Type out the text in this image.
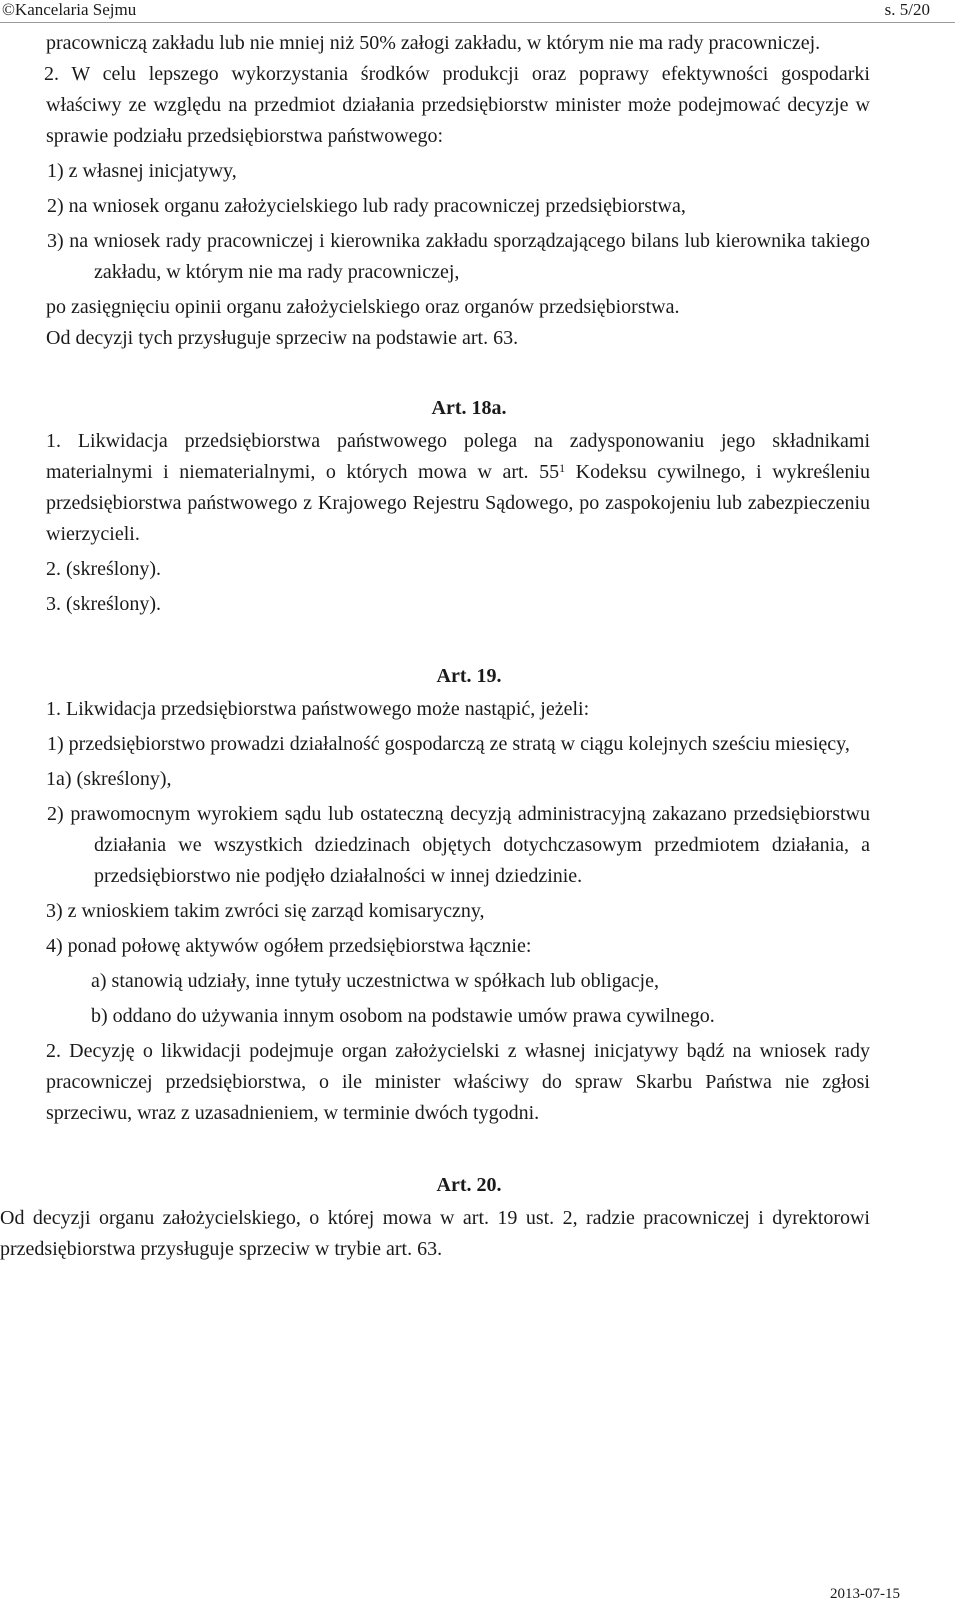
©Kancelaria Sejmu	s. 5/20

pracowniczą zakładu lub nie mniej niż 50% załogi zakładu, w którym nie ma rady pracowniczej.

2. W celu lepszego wykorzystania środków produkcji oraz poprawy efektywności gospodarki właściwy ze względu na przedmiot działania przedsiębiorstw minister może podejmować decyzje w sprawie podziału przedsiębiorstwa państwowego:

1) z własnej inicjatywy,

2) na wniosek organu założycielskiego lub rady pracowniczej przedsiębiorstwa,

3) na wniosek rady pracowniczej i kierownika zakładu sporządzającego bilans lub kierownika takiego zakładu, w którym nie ma rady pracowniczej,

po zasięgnięciu opinii organu założycielskiego oraz organów przedsiębiorstwa.

Od decyzji tych przysługuje sprzeciw na podstawie art. 63.

Art. 18a.

1. Likwidacja przedsiębiorstwa państwowego polega na zadysponowaniu jego składnikami materialnymi i niematerialnymi, o których mowa w art. $55^1$ Kodeksu cywilnego, i wykreśleniu przedsiębiorstwa państwowego z Krajowego Rejestru Sądowego, po zaspokojeniu lub zabezpieczeniu wierzycieli.

2. (skreślony).

3. (skreślony).

Art. 19.

1. Likwidacja przedsiębiorstwa państwowego może nastąpić, jeżeli:

1) przedsiębiorstwo prowadzi działalność gospodarczą ze stratą w ciągu kolejnych sześciu miesięcy,

1a) (skreślony),

2) prawomocnym wyrokiem sądu lub ostateczną decyzją administracyjną zakazano przedsiębiorstwu działania we wszystkich dziedzinach objętych dotychczasowym przedmiotem działania, a przedsiębiorstwo nie podjęło działalności w innej dziedzinie.

3) z wnioskiem takim zwróci się zarząd komisaryczny,

4) ponad połowę aktywów ogółem przedsiębiorstwa łącznie:

a) stanowią udziały, inne tytuły uczestnictwa w spółkach lub obligacje,

b) oddano do używania innym osobom na podstawie umów prawa cywilnego.

2. Decyzję o likwidacji podejmuje organ założycielski z własnej inicjatywy bądź na wniosek rady pracowniczej przedsiębiorstwa, o ile minister właściwy do spraw Skarbu Państwa nie zgłosi sprzeciwu, wraz z uzasadnieniem, w terminie dwóch tygodni.

Art. 20.

Od decyzji organu założycielskiego, o której mowa w art. 19 ust. 2, radzie pracowniczej i dyrektorowi przedsiębiorstwa przysługuje sprzeciw w trybie art. 63.

2013-07-15
